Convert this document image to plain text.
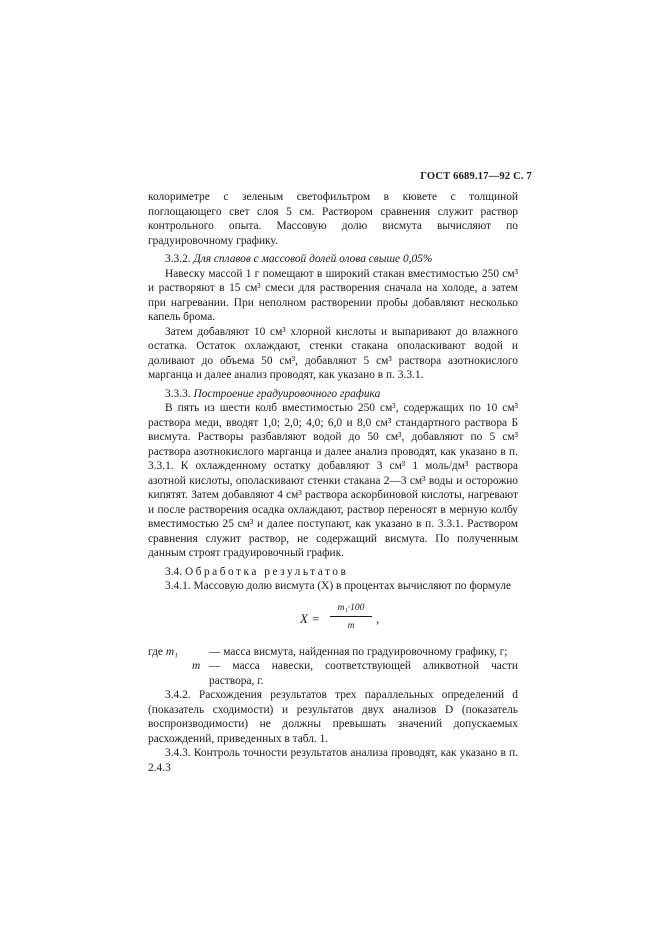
ГОСТ 6689.17—92 С. 7

колориметре с зеленым светофильтром в кювете с толщиной поглощающего свет слоя 5 см. Раствором сравнения служит раствор контрольного опыта. Массовую долю висмута вычисляют по градуировочному графику.

3.3.2. Для сплавов с массовой долей олова свыше 0,05%

Навеску массой 1 г помещают в широкий стакан вместимостью 250 см³ и растворяют в 15 см³ смеси для растворения сначала на холоде, а затем при нагревании. При неполном растворении пробы добавляют несколько капель брома.

Затем добавляют 10 см³ хлорной кислоты и выпаривают до влажного остатка. Остаток охлаждают, стенки стакана ополаскивают водой и доливают до объема 50 см³, добавляют 5 см³ раствора азотнокислого марганца и далее анализ проводят, как указано в п. 3.3.1.

3.3.3. Построение градуировочного графика

В пять из шести колб вместимостью 250 см³, содержащих по 10 см³ раствора меди, вводят 1,0; 2,0; 4,0; 6,0 и 8,0 см³ стандартного раствора Б висмута. Растворы разбавляют водой до 50 см³, добавляют по 5 см³ раствора азотнокислого марганца и далее анализ проводят, как указано в п. 3.3.1. К охлажденному остатку добавляют 3 см³ 1 моль/дм³ раствора азотной кислоты, ополаскивают стенки стакана 2—3 см³ воды и осторожно кипятят. Затем добавляют 4 см³ раствора аскорбиновой кислоты, нагревают и после растворения осадка охлаждают, раствор переносят в мерную колбу вместимостью 25 см³ и далее поступают, как указано в п. 3.3.1. Раствором сравнения служит раствор, не содержащий висмута. По полученным данным строят градуировочный график.

3.4. Обработка результатов

3.4.1. Массовую долю висмута (X) в процентах вычисляют по формуле

$X = \frac{\text{m₁·100}}{m}$ ,

где m₁	— масса висмута, найденная по градуировочному графику, г;

m — масса навески, соответствующей аликвотной части раствора, г.

3.4.2. Расхождения результатов трех параллельных определений d (показатель сходимости) и результатов двух анализов D (показатель воспроизводимости) не должны превышать значений допускаемых расхождений, приведенных в табл. 1.

3.4.3. Контроль точности результатов анализа проводят, как указано в п. 2.4.3
